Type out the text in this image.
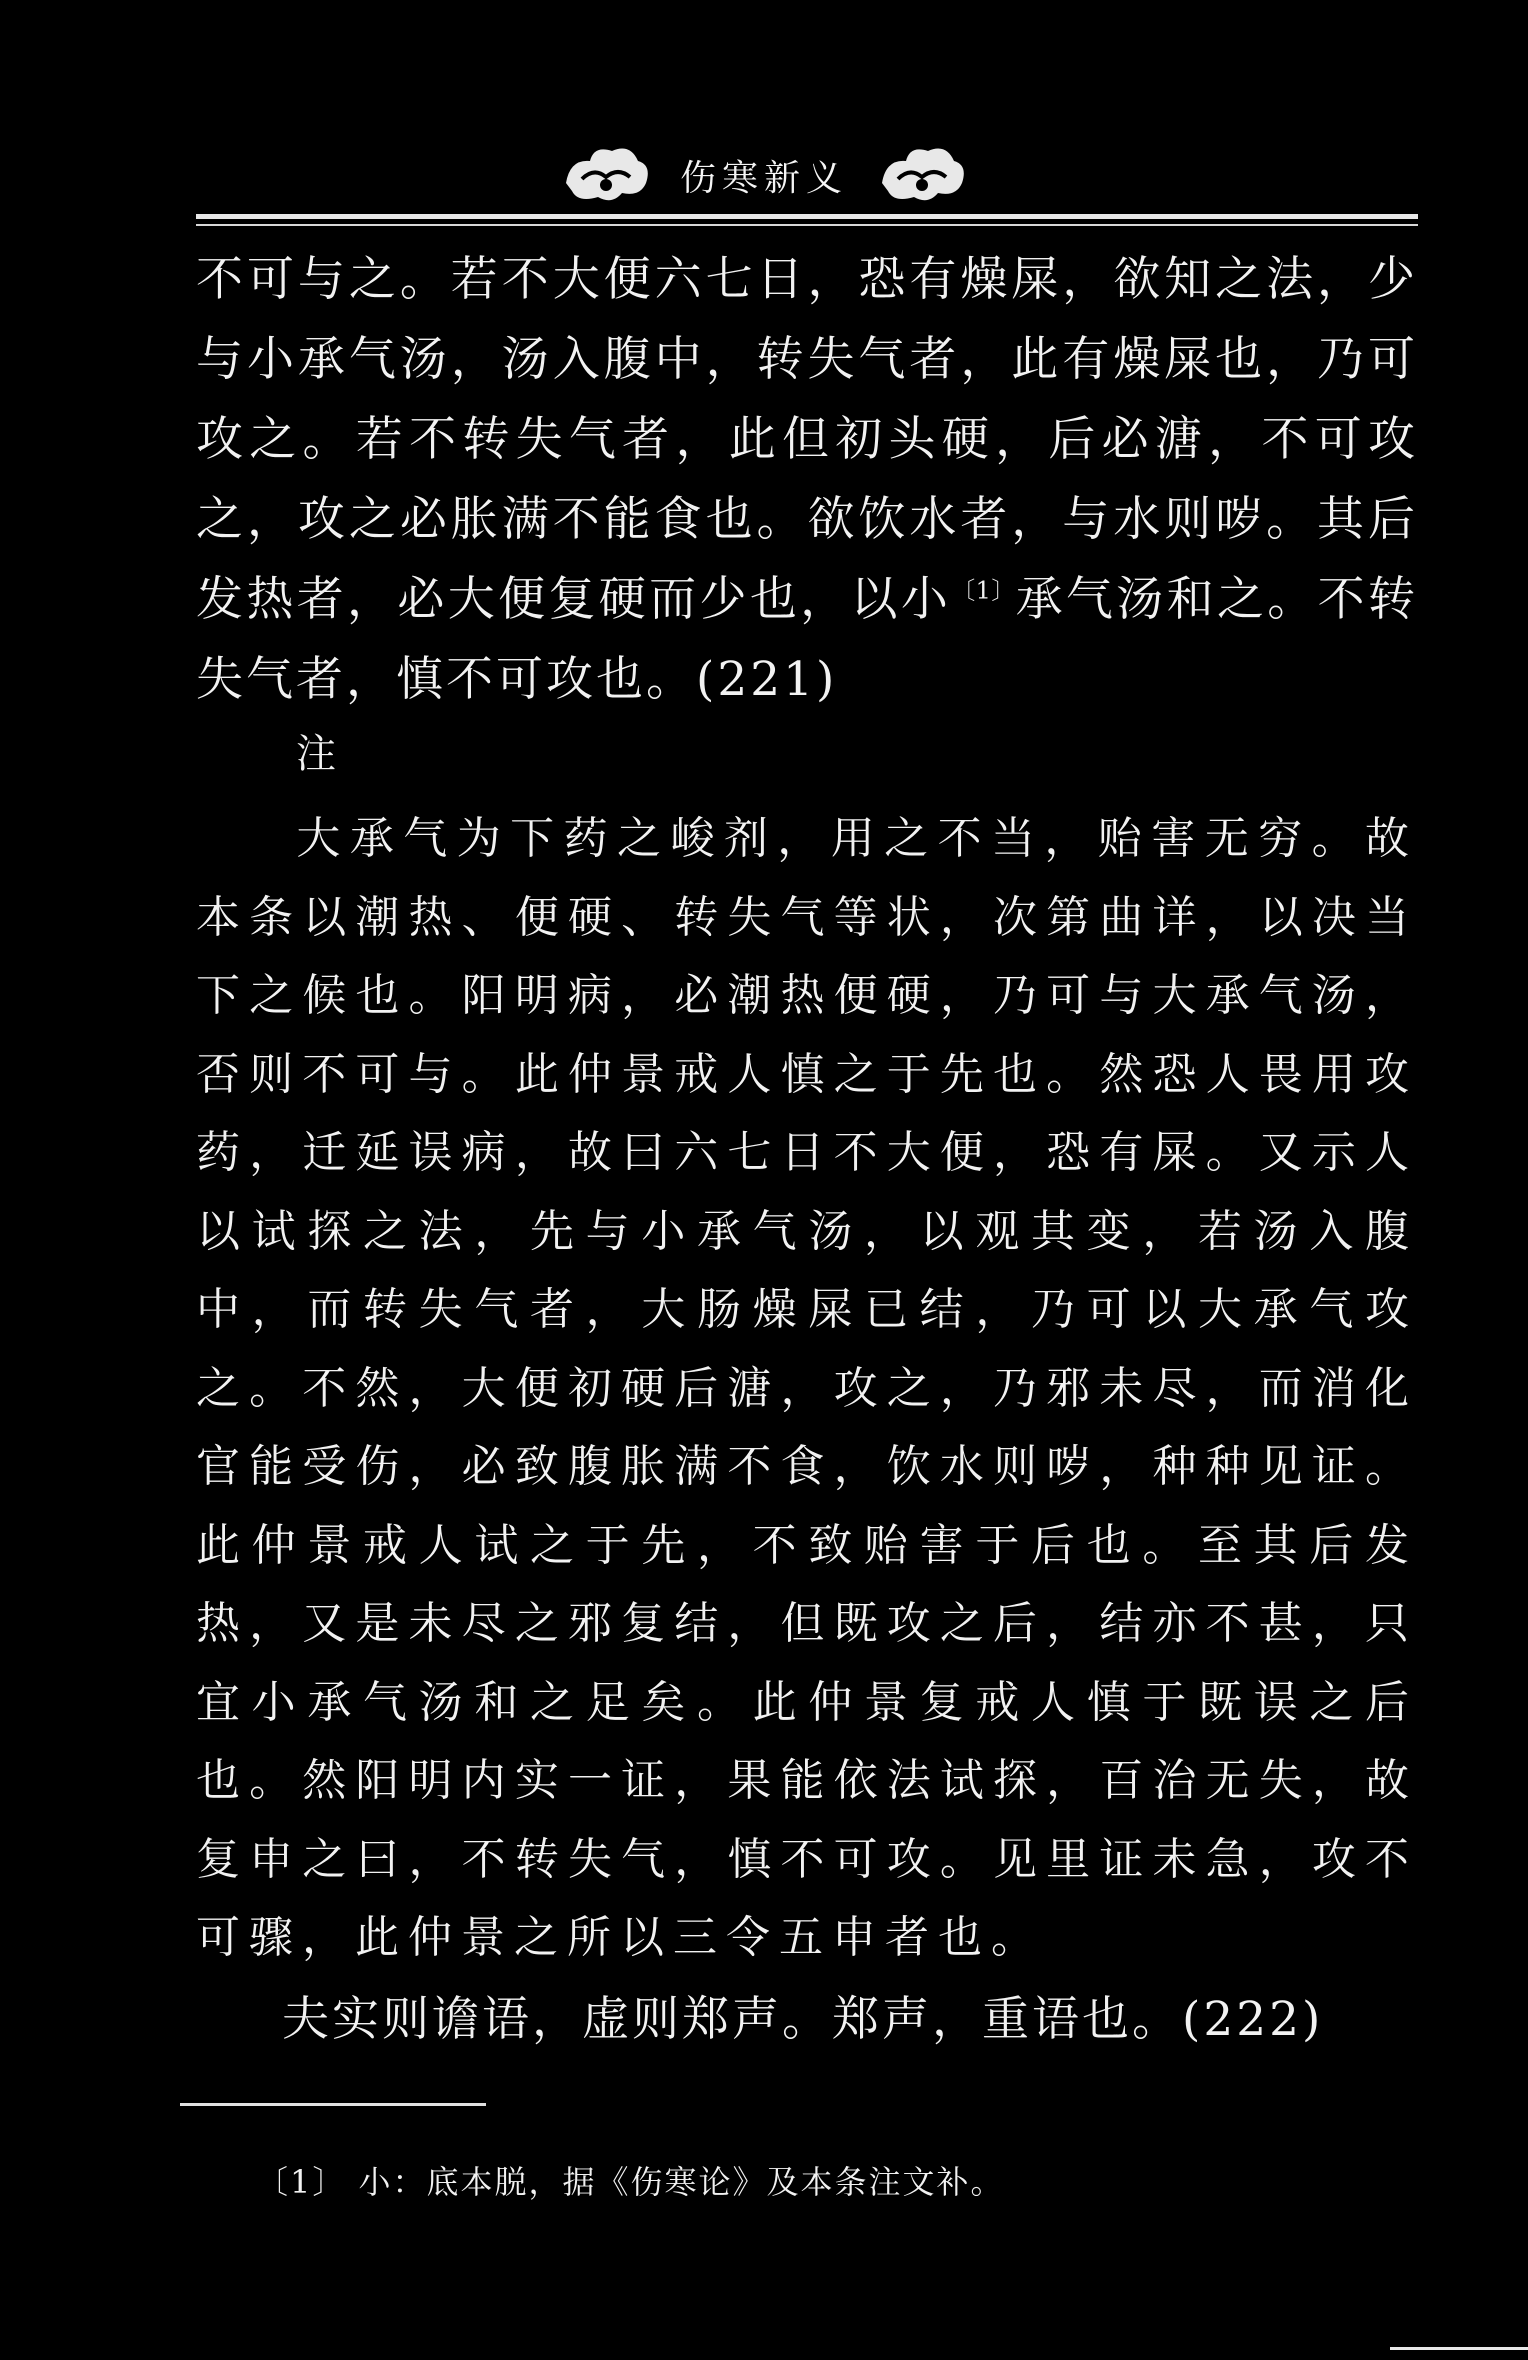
伤寒新义
不可与之。若不大便六七日，恐有燥屎，欲知之法，少与小承气汤，汤入腹中，转失气者，此有燥屎也，乃可攻之。若不转失气者，此但初头硬，后必溏，不可攻之，攻之必胀满不能食也。欲饮水者，与水则哕。其后发热者，必大便复硬而少也，以小$^{〔1〕}$承气汤和之。不转失气者，慎不可攻也。(221)
注
大承气为下药之峻剂，用之不当，贻害无穷。故本条以潮热、便硬、转失气等状，次第曲详，以决当下之候也。阳明病，必潮热便硬，乃可与大承气汤，否则不可与。此仲景戒人慎之于先也。然恐人畏用攻药，迁延误病，故曰六七日不大便，恐有屎。又示人以试探之法，先与小承气汤，以观其变，若汤入腹中，而转失气者，大肠燥屎已结，乃可以大承气攻之。不然，大便初硬后溏，攻之，乃邪未尽，而消化官能受伤，必致腹胀满不食，饮水则哕，种种见证。此仲景戒人试之于先，不致贻害于后也。至其后发热，又是未尽之邪复结，但既攻之后，结亦不甚，只宜小承气汤和之足矣。此仲景复戒人慎于既误之后也。然阳明内实一证，果能依法试探，百治无失，故复申之曰，不转失气，慎不可攻。见里证未急，攻不可骤，此仲景之所以三令五申者也。
夫实则谵语，虚则郑声。郑声，重语也。(222)
〔1〕 小：底本脱，据《伤寒论》及本条注文补。
